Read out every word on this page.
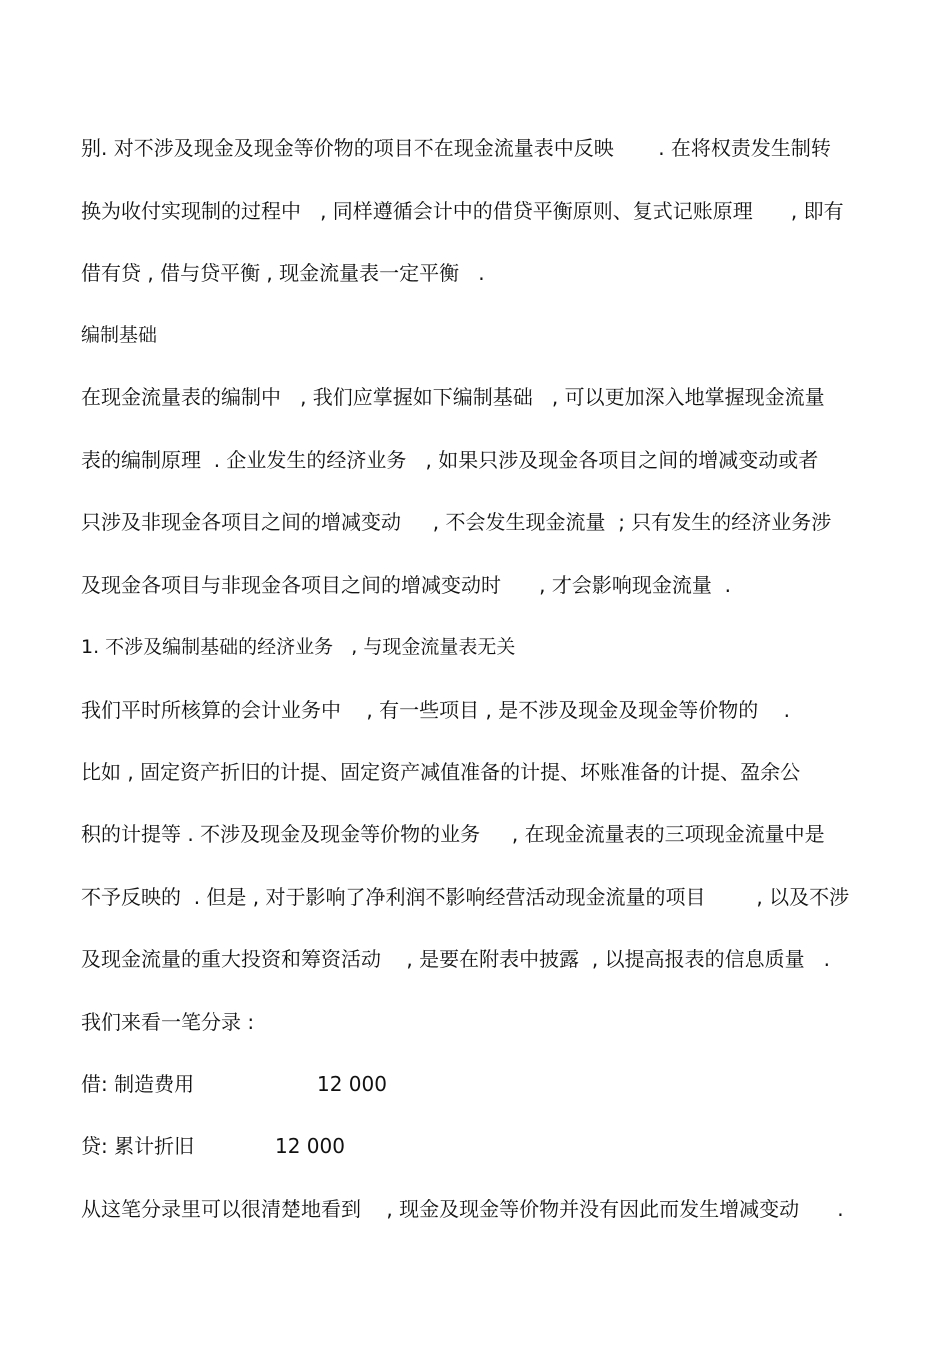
别. 对不涉及现金及现金等价物的项目不在现金流量表中反映       . 在将权责发生制转
换为收付实现制的过程中   , 同样遵循会计中的借贷平衡原则、复式记账原理      , 即有
借有贷 , 借与贷平衡 , 现金流量表一定平衡   .
编制基础
在现金流量表的编制中   , 我们应掌握如下编制基础   , 可以更加深入地掌握现金流量
表的编制原理  . 企业发生的经济业务   , 如果只涉及现金各项目之间的增减变动或者
只涉及非现金各项目之间的增减变动     , 不会发生现金流量  ; 只有发生的经济业务涉
及现金各项目与非现金各项目之间的增减变动时      , 才会影响现金流量  .
1. 不涉及编制基础的经济业务   , 与现金流量表无关
我们平时所核算的会计业务中    , 有一些项目 , 是不涉及现金及现金等价物的    .
比如 , 固定资产折旧的计提、固定资产减值准备的计提、坏账准备的计提、盈余公
积的计提等 . 不涉及现金及现金等价物的业务     , 在现金流量表的三项现金流量中是
不予反映的  . 但是 , 对于影响了净利润不影响经营活动现金流量的项目        , 以及不涉
及现金流量的重大投资和筹资活动    , 是要在附表中披露  , 以提高报表的信息质量   .
我们来看一笔分录 :
借: 制造费用	12 000
贷: 累计折旧	12 000
从这笔分录里可以很清楚地看到    , 现金及现金等价物并没有因此而发生增减变动      .
